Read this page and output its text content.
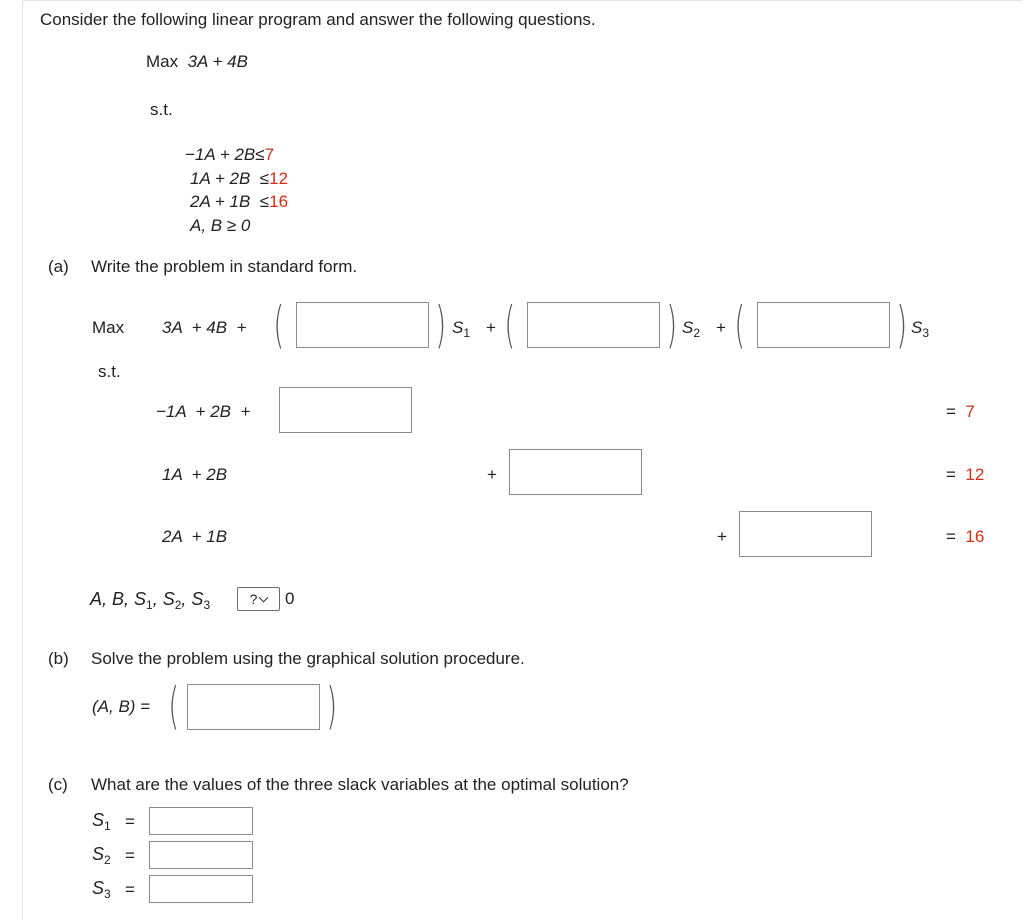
Consider the following linear program and answer the following questions.
Max 3A + 4B
s.t.
−1A + 2B≤7
1A + 2B ≤12
2A + 1B ≤16
A, B ≥ 0
(a) Write the problem in standard form.
Max 3A  + 4B  + (	) $S_1$ + (	) $S_2$ + (	) $S_3$
s.t.
−1A  + 2B  +	= 7
1A  + 2B	+	= 12
2A  + 1B	+	= 16
A, B, $S_1$, $S_2$, $S_3$	? 0
(b) Solve the problem using the graphical solution procedure.
(A, B) = (	)
(c) What are the values of the three slack variables at the optimal solution?
$S_1$ =
$S_2$ =
$S_3$ =
